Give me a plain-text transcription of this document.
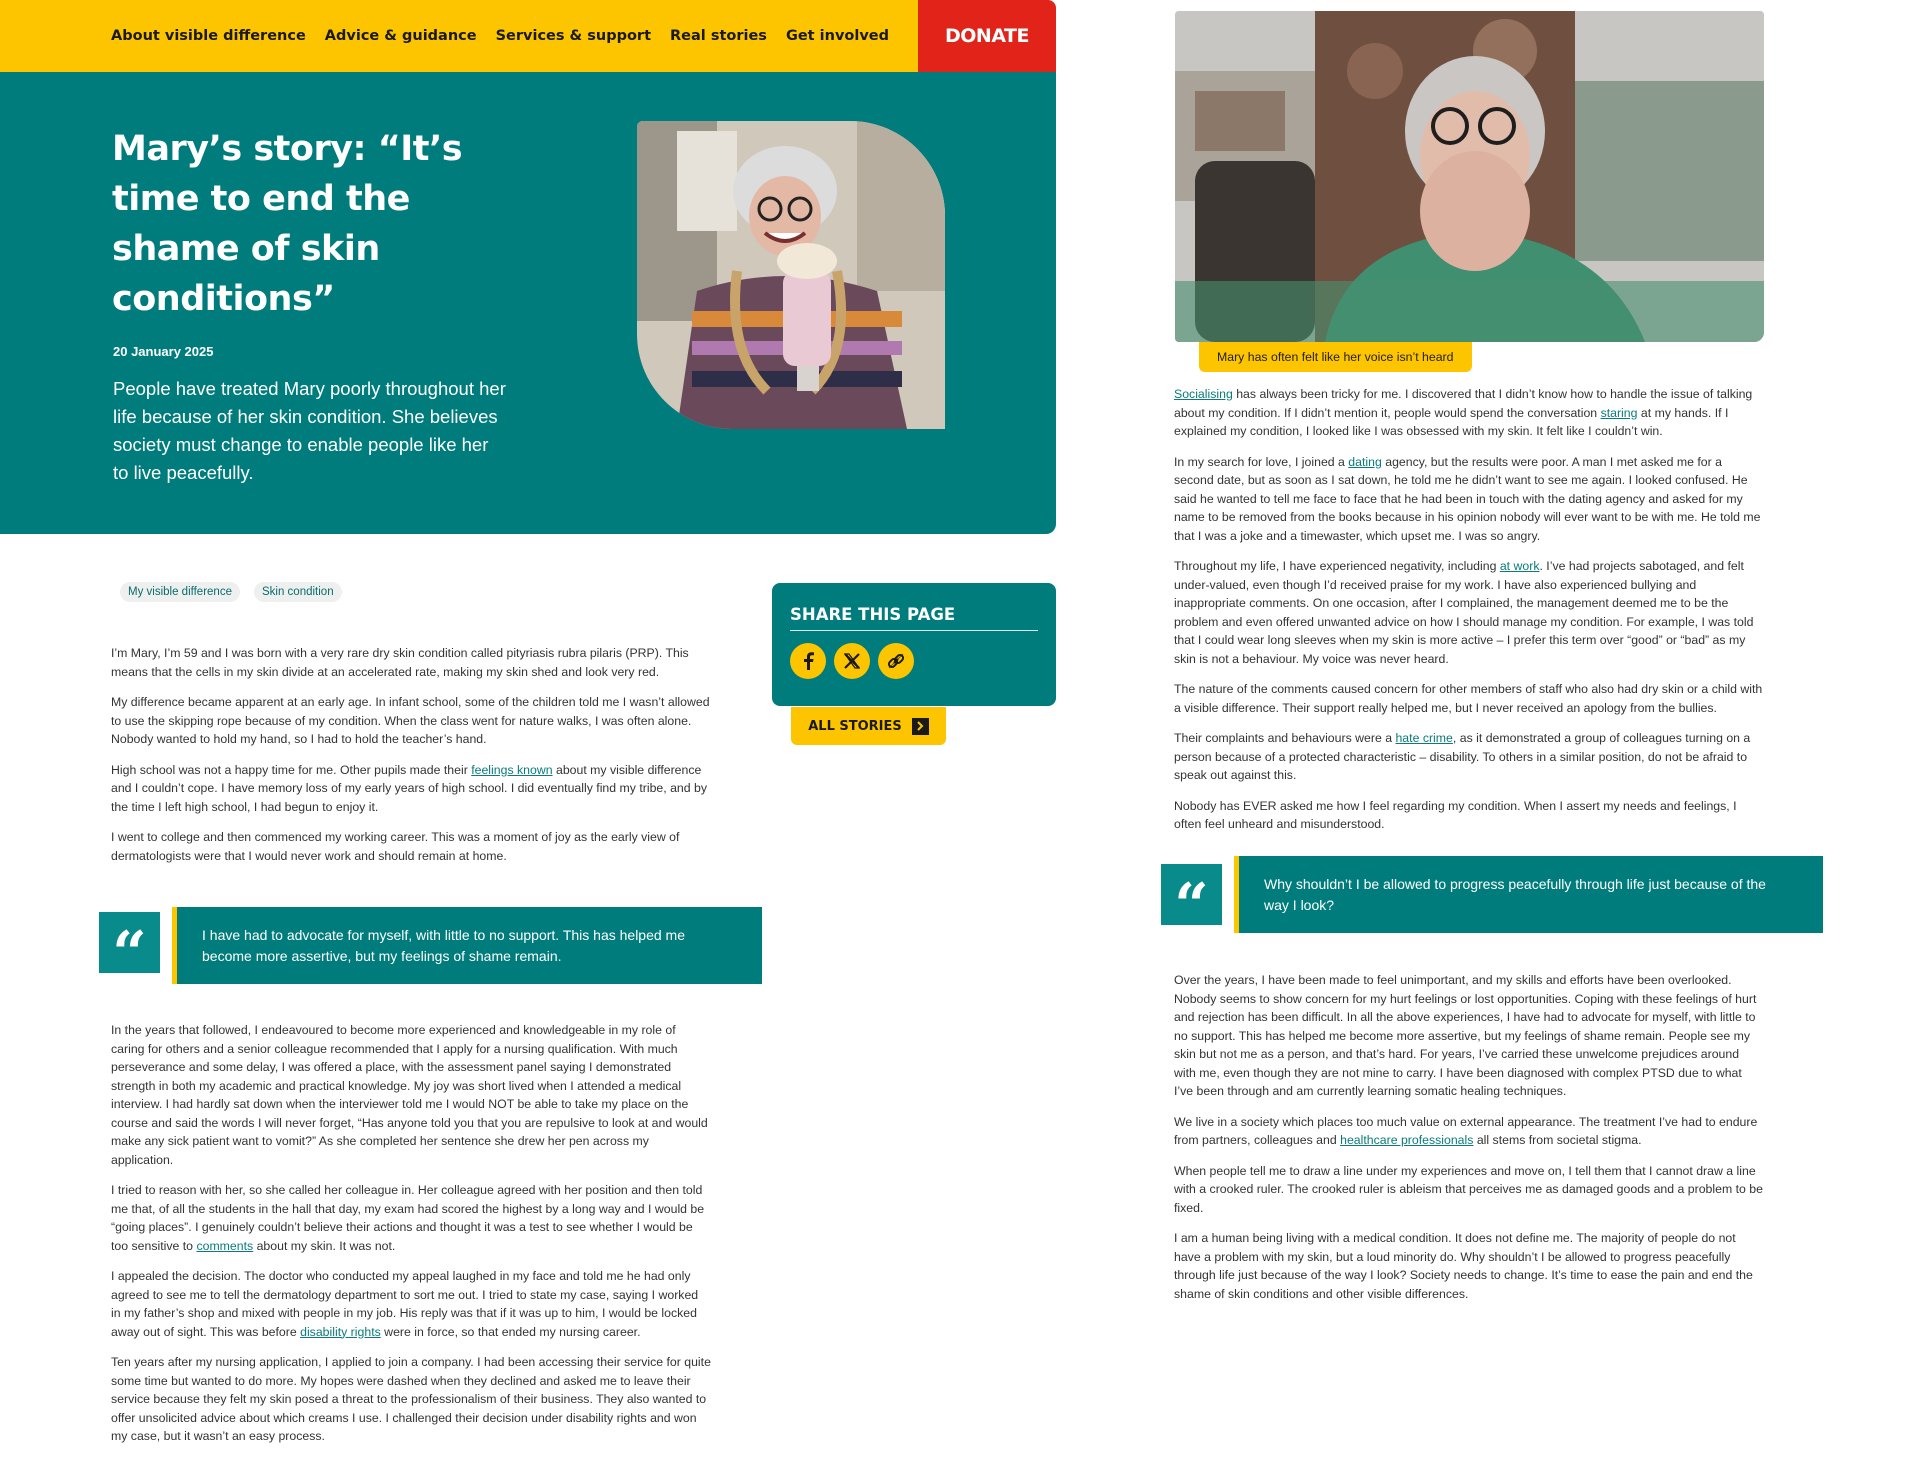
About visible difference Advice & guidance Services & support Real stories Get involved	DONATE
Mary’s story: “It’s time to end the shame of skin conditions”
20 January 2025

People have treated Mary poorly throughout her life because of her skin condition. She believes society must change to enable people like her to live peacefully.

My visible difference	Skin condition
SHARE THIS PAGE
ALL STORIES

I’m Mary, I’m 59 and I was born with a very rare dry skin condition called pityriasis rubra pilaris (PRP). This means that the cells in my skin divide at an accelerated rate, making my skin shed and look very red.

My difference became apparent at an early age. In infant school, some of the children told me I wasn’t allowed to use the skipping rope because of my condition. When the class went for nature walks, I was often alone. Nobody wanted to hold my hand, so I had to hold the teacher’s hand.

High school was not a happy time for me. Other pupils made their feelings known about my visible difference and I couldn’t cope. I have memory loss of my early years of high school. I did eventually find my tribe, and by the time I left high school, I had begun to enjoy it.

I went to college and then commenced my working career. This was a moment of joy as the early view of dermatologists were that I would never work and should remain at home.

“	I have had to advocate for myself, with little to no support. This has helped me become more assertive, but my feelings of shame remain.

In the years that followed, I endeavoured to become more experienced and knowledgeable in my role of caring for others and a senior colleague recommended that I apply for a nursing qualification. With much perseverance and some delay, I was offered a place, with the assessment panel saying I demonstrated strength in both my academic and practical knowledge. My joy was short lived when I attended a medical interview. I had hardly sat down when the interviewer told me I would NOT be able to take my place on the course and said the words I will never forget, “Has anyone told you that you are repulsive to look at and would make any sick patient want to vomit?” As she completed her sentence she drew her pen across my application.

I tried to reason with her, so she called her colleague in. Her colleague agreed with her position and then told me that, of all the students in the hall that day, my exam had scored the highest by a long way and I would be “going places”. I genuinely couldn’t believe their actions and thought it was a test to see whether I would be too sensitive to comments about my skin. It was not.

I appealed the decision. The doctor who conducted my appeal laughed in my face and told me he had only agreed to see me to tell the dermatology department to sort me out. I tried to state my case, saying I worked in my father’s shop and mixed with people in my job. His reply was that if it was up to him, I would be locked away out of sight. This was before disability rights were in force, so that ended my nursing career.

Ten years after my nursing application, I applied to join a company. I had been accessing their service for quite some time but wanted to do more. My hopes were dashed when they declined and asked me to leave their service because they felt my skin posed a threat to the professionalism of their business. They also wanted to offer unsolicited advice about which creams I use. I challenged their decision under disability rights and won my case, but it wasn’t an easy process.

Mary has often felt like her voice isn’t heard

Socialising has always been tricky for me. I discovered that I didn’t know how to handle the issue of talking about my condition. If I didn’t mention it, people would spend the conversation staring at my hands. If I explained my condition, I looked like I was obsessed with my skin. It felt like I couldn’t win.

In my search for love, I joined a dating agency, but the results were poor. A man I met asked me for a second date, but as soon as I sat down, he told me he didn’t want to see me again. I looked confused. He said he wanted to tell me face to face that he had been in touch with the dating agency and asked for my name to be removed from the books because in his opinion nobody will ever want to be with me. He told me that I was a joke and a timewaster, which upset me. I was so angry.

Throughout my life, I have experienced negativity, including at work. I’ve had projects sabotaged, and felt under-valued, even though I’d received praise for my work. I have also experienced bullying and inappropriate comments. On one occasion, after I complained, the management deemed me to be the problem and even offered unwanted advice on how I should manage my condition. For example, I was told that I could wear long sleeves when my skin is more active – I prefer this term over “good” or “bad” as my skin is not a behaviour. My voice was never heard.

The nature of the comments caused concern for other members of staff who also had dry skin or a child with a visible difference. Their support really helped me, but I never received an apology from the bullies.

Their complaints and behaviours were a hate crime, as it demonstrated a group of colleagues turning on a person because of a protected characteristic – disability. To others in a similar position, do not be afraid to speak out against this.

Nobody has EVER asked me how I feel regarding my condition. When I assert my needs and feelings, I often feel unheard and misunderstood.

“	Why shouldn’t I be allowed to progress peacefully through life just because of the way I look?

Over the years, I have been made to feel unimportant, and my skills and efforts have been overlooked. Nobody seems to show concern for my hurt feelings or lost opportunities. Coping with these feelings of hurt and rejection has been difficult. In all the above experiences, I have had to advocate for myself, with little to no support. This has helped me become more assertive, but my feelings of shame remain. People see my skin but not me as a person, and that’s hard. For years, I’ve carried these unwelcome prejudices around with me, even though they are not mine to carry. I have been diagnosed with complex PTSD due to what I’ve been through and am currently learning somatic healing techniques.

We live in a society which places too much value on external appearance. The treatment I’ve had to endure from partners, colleagues and healthcare professionals all stems from societal stigma.

When people tell me to draw a line under my experiences and move on, I tell them that I cannot draw a line with a crooked ruler. The crooked ruler is ableism that perceives me as damaged goods and a problem to be fixed.

I am a human being living with a medical condition. It does not define me. The majority of people do not have a problem with my skin, but a loud minority do. Why shouldn’t I be allowed to progress peacefully through life just because of the way I look? Society needs to change. It’s time to ease the pain and end the shame of skin conditions and other visible differences.
